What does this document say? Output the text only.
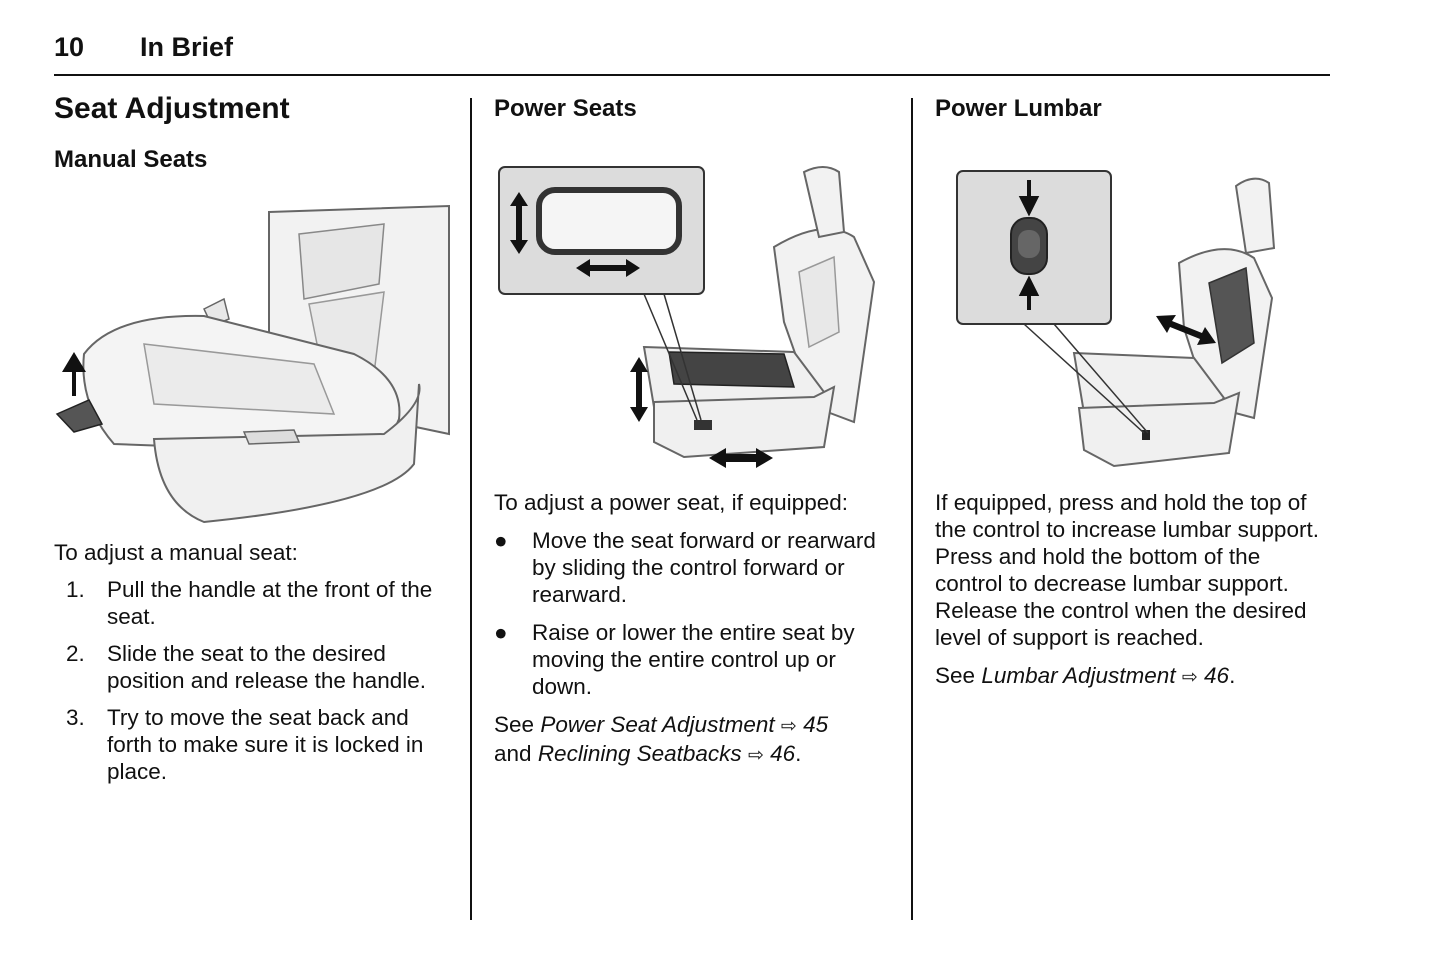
10 In Brief
Seat Adjustment
Manual Seats
To adjust a manual seat:
1. Pull the handle at the front of the seat.
2. Slide the seat to the desired position and release the handle.
3. Try to move the seat back and forth to make sure it is locked in place.
Power Seats
To adjust a power seat, if equipped:
● Move the seat forward or rearward by sliding the control forward or rearward.
● Raise or lower the entire seat by moving the entire control up or down.
See Power Seat Adjustment ⇨ 45
and Reclining Seatbacks ⇨ 46.
Power Lumbar
If equipped, press and hold the top of the control to increase lumbar support. Press and hold the bottom of the control to decrease lumbar support. Release the control when the desired level of support is reached.
See Lumbar Adjustment ⇨ 46.
